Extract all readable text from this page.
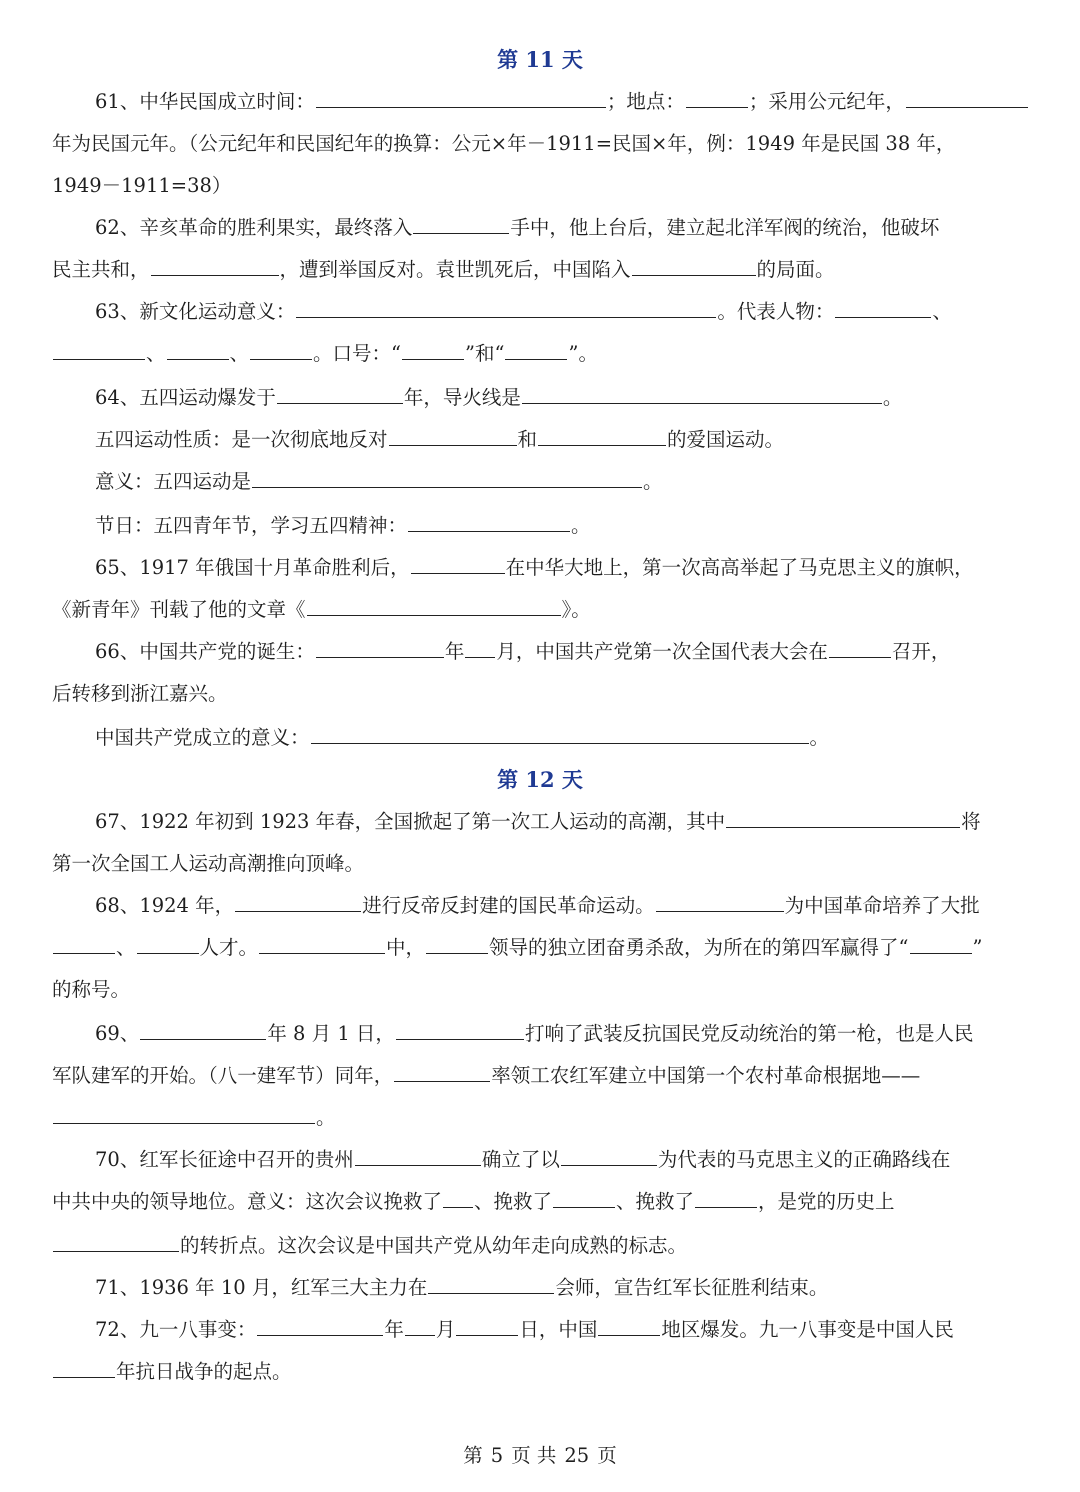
第 11 天
61、中华民国成立时间：	；地点：	；采用公元纪年，
年为民国元年。（公元纪年和民国纪年的换算：公元×年－1911=民国×年，例：1949 年是民国 38 年，
1949－1911=38）
62、辛亥革命的胜利果实，最终落入	手中，他上台后，建立起北洋军阀的统治，他破坏
民主共和，	，遭到举国反对。袁世凯死后，中国陷入	的局面。
63、新文化运动意义：	。代表人物：	、
、	、	。口号：“	”和“	”。
64、五四运动爆发于	年，导火线是	。
五四运动性质：是一次彻底地反对	和	的爱国运动。
意义：五四运动是	。
节日：五四青年节，学习五四精神：	。
65、1917 年俄国十月革命胜利后，	在中华大地上，第一次高高举起了马克思主义的旗帜，
《新青年》刊载了他的文章《	》。
66、中国共产党的诞生：	年 月，中国共产党第一次全国代表大会在	召开，
后转移到浙江嘉兴。
中国共产党成立的意义：	。
第 12 天
67、1922 年初到 1923 年春，全国掀起了第一次工人运动的高潮，其中	将
第一次全国工人运动高潮推向顶峰。
68、1924 年，	进行反帝反封建的国民革命运动。	为中国革命培养了大批
、	人才。	中，	领导的独立团奋勇杀敌，为所在的第四军赢得了“	”
的称号。
69、	年 8 月 1 日，	打响了武装反抗国民党反动统治的第一枪，也是人民
军队建军的开始。（八一建军节）同年，	率领工农红军建立中国第一个农村革命根据地——
。
70、红军长征途中召开的贵州	确立了以	为代表的马克思主义的正确路线在
中共中央的领导地位。意义：这次会议挽救了 、挽救了	、挽救了	，是党的历史上
的转折点。这次会议是中国共产党从幼年走向成熟的标志。
71、1936 年 10 月，红军三大主力在	会师，宣告红军长征胜利结束。
72、九一八事变：	年 月	日，中国	地区爆发。九一八事变是中国人民
年抗日战争的起点。
第 5 页 共 25 页
